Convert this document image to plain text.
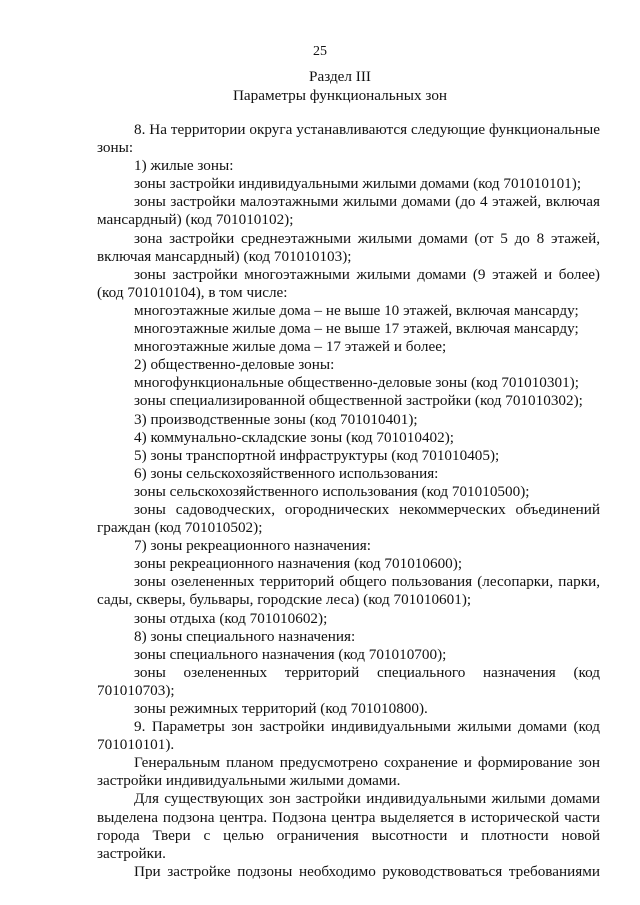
25
Раздел III
Параметры функциональных зон

8. На территории округа устанавливаются следующие функциональные зоны:

1) жилые зоны:

зоны застройки индивидуальными жилыми домами (код 701010101);

зоны застройки малоэтажными жилыми домами (до 4 этажей, включая мансардный) (код 701010102);

зона застройки среднеэтажными жилыми домами (от 5 до 8 этажей, включая мансардный) (код 701010103);

зоны застройки многоэтажными жилыми домами (9 этажей и более) (код 701010104), в том числе:

многоэтажные жилые дома – не выше 10 этажей, включая мансарду;

многоэтажные жилые дома – не выше 17 этажей, включая мансарду;

многоэтажные жилые дома – 17 этажей и более;

2) общественно-деловые зоны:

многофункциональные общественно-деловые зоны (код 701010301);

зоны специализированной общественной застройки (код 701010302);

3) производственные зоны (код 701010401);

4) коммунально-складские зоны (код 701010402);

5) зоны транспортной инфраструктуры (код 701010405);

6) зоны сельскохозяйственного использования:

зоны сельскохозяйственного использования (код 701010500);

зоны садоводческих, огороднических некоммерческих объединений граждан (код 701010502);

7) зоны рекреационного назначения:

зоны рекреационного назначения (код 701010600);

зоны озелененных территорий общего пользования (лесопарки, парки, сады, скверы, бульвары, городские леса) (код 701010601);

зоны отдыха (код 701010602);

8) зоны специального назначения:

зоны специального назначения (код 701010700);

зоны озелененных территорий специального назначения (код 701010703);

зоны режимных территорий (код 701010800).

9. Параметры зон застройки индивидуальными жилыми домами (код 701010101).

Генеральным планом предусмотрено сохранение и формирование зон застройки индивидуальными жилыми домами.

Для существующих зон застройки индивидуальными жилыми домами выделена подзона центра. Подзона центра выделяется в исторической части города Твери с целью ограничения высотности и плотности новой застройки.

При застройке подзоны необходимо руководствоваться требованиями
